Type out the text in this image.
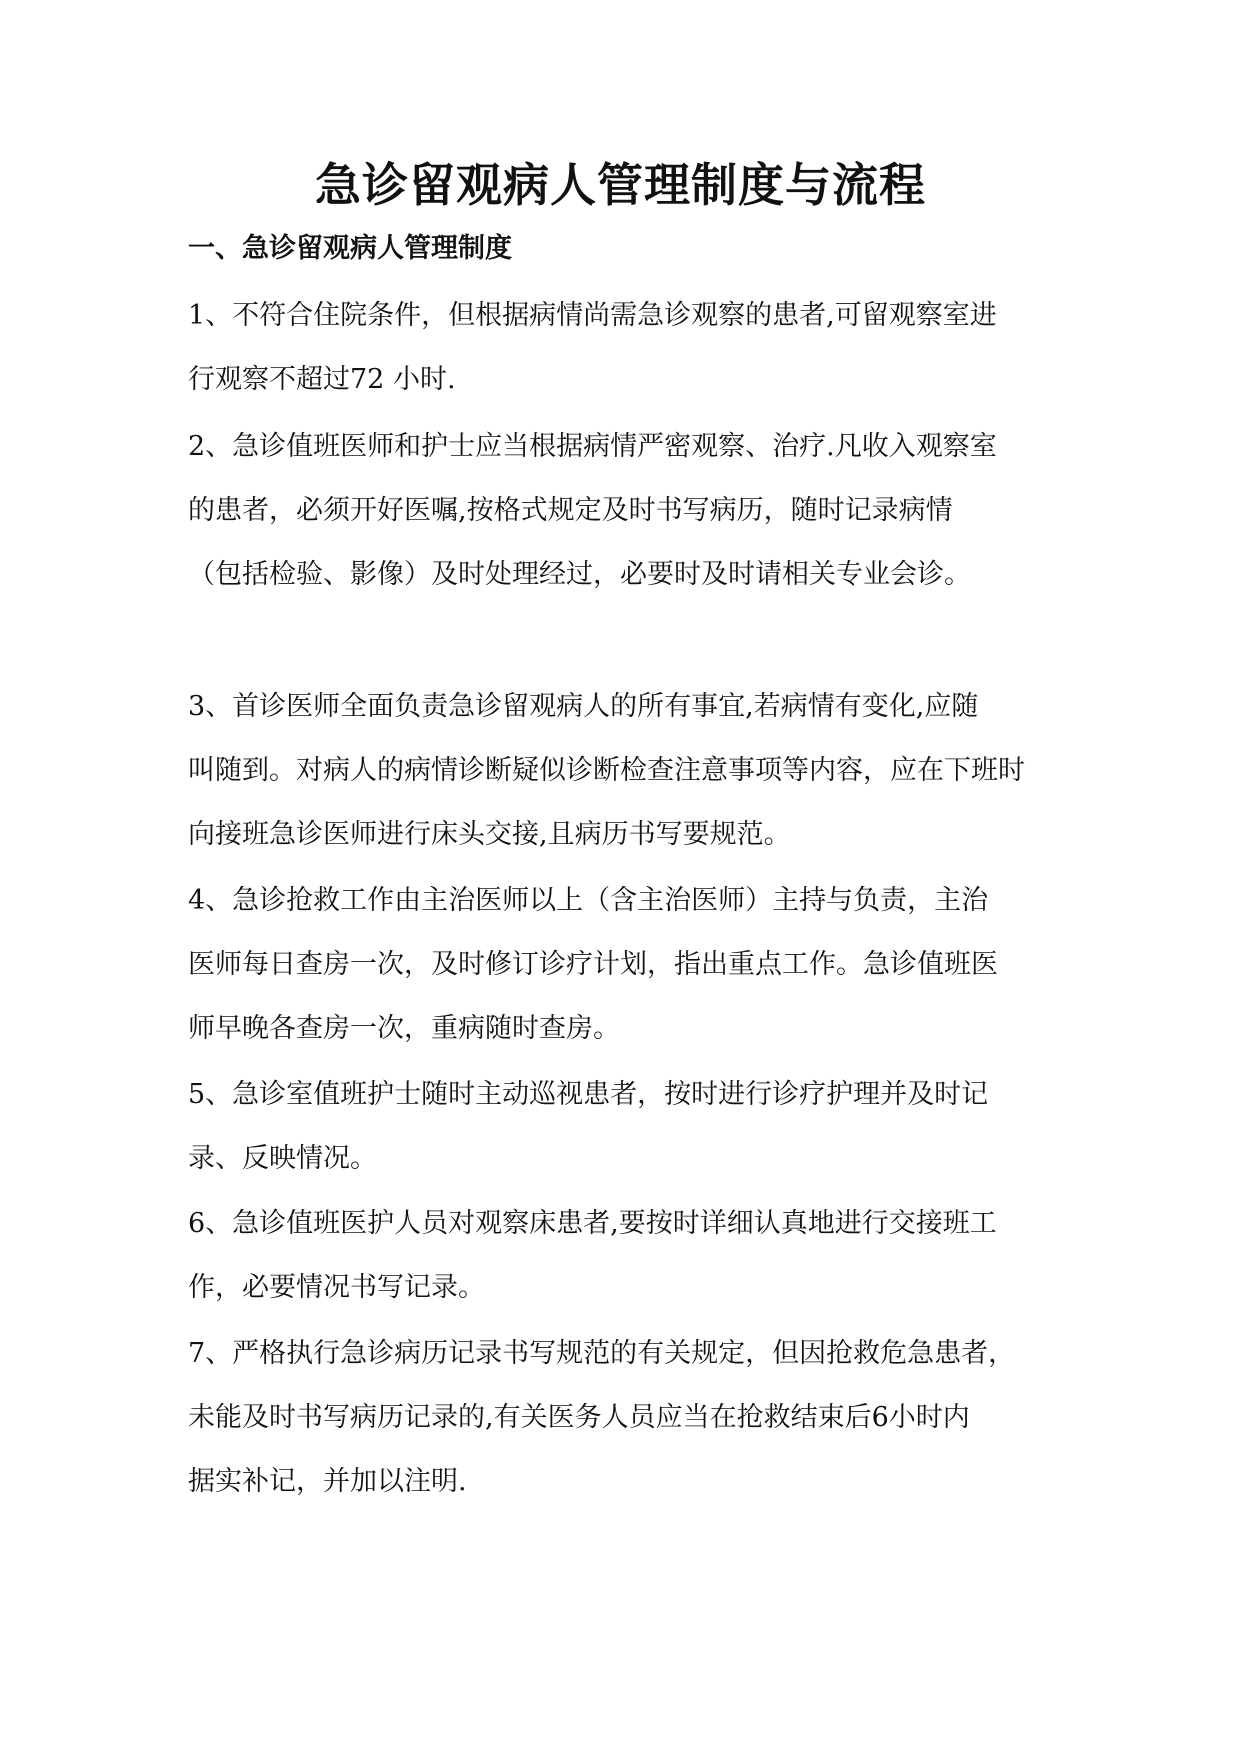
急诊留观病人管理制度与流程
一、急诊留观病人管理制度

1、不符合住院条件，但根据病情尚需急诊观察的患者,可留观察室进
行观察不超过72 小时.

2、急诊值班医师和护士应当根据病情严密观察、治疗.凡收入观察室
的患者，必须开好医嘱,按格式规定及时书写病历，随时记录病情
（包括检验、影像）及时处理经过，必要时及时请相关专业会诊。

3、首诊医师全面负责急诊留观病人的所有事宜,若病情有变化,应随
叫随到。对病人的病情诊断疑似诊断检查注意事项等内容，应在下班时
向接班急诊医师进行床头交接,且病历书写要规范。

4、急诊抢救工作由主治医师以上（含主治医师）主持与负责，主治
医师每日查房一次，及时修订诊疗计划，指出重点工作。急诊值班医
师早晚各查房一次，重病随时查房。

5、急诊室值班护士随时主动巡视患者，按时进行诊疗护理并及时记
录、反映情况。

6、急诊值班医护人员对观察床患者,要按时详细认真地进行交接班工
作，必要情况书写记录。

7、严格执行急诊病历记录书写规范的有关规定，但因抢救危急患者，
未能及时书写病历记录的,有关医务人员应当在抢救结束后6小时内
据实补记，并加以注明.
